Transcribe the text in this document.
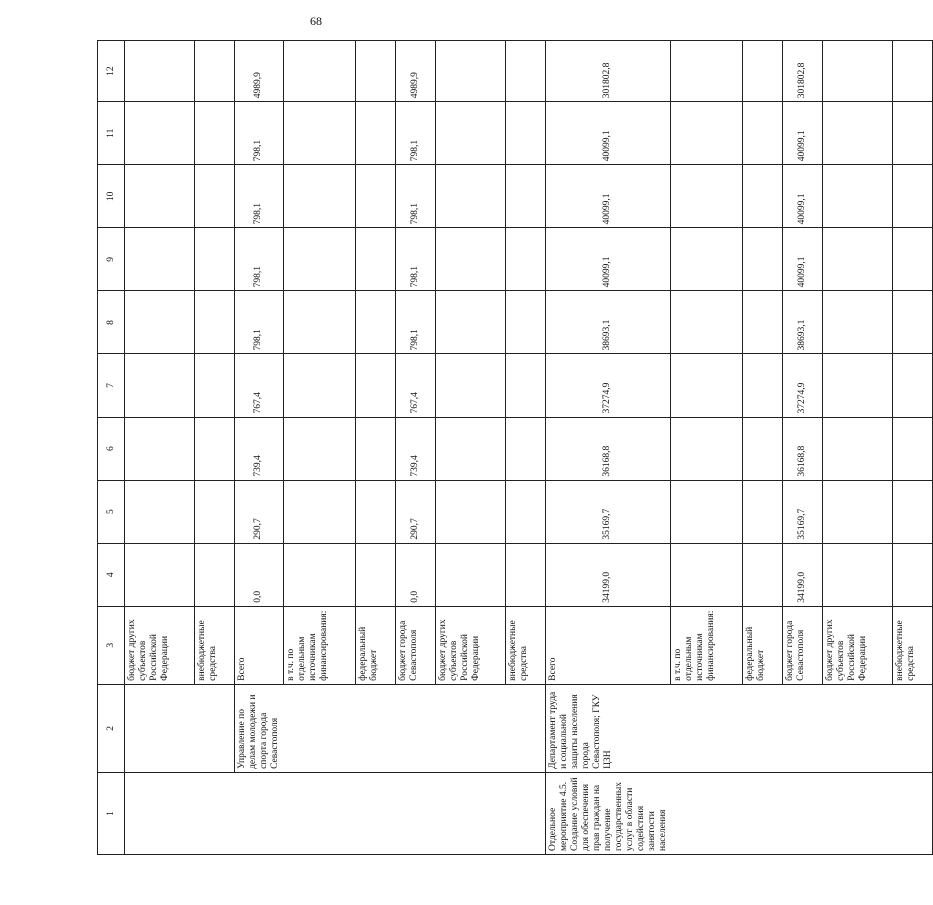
68
1	2	3	4	5	6	7	8	9	10	11	12
		бюджет других субъектов Российской Федерации									
		внебюджетные средства									
	Управление по делам молодежи и спорта города Севастополя	Всего	0,0	290,7	739,4	767,4	798,1	798,1	798,1	798,1	4989,9
		в т.ч. по отдельным источникам финансирования:									
		федеральный бюджет									
		бюджет города Севастополя	0,0	290,7	739,4	767,4	798,1	798,1	798,1	798,1	4989,9
		бюджет других субъектов Российской Федерации									
		внебюджетные средства									
Отдельное мероприятие 4.5. Создание условий для обеспечения прав граждан на получение государственных услуг в области содействия занятости населения	Департамент труда и социальной защиты населения города Севастополя; ГКУ ЦЗН	Всего	34199,0	35169,7	36168,8	37274,9	38693,1	40099,1	40099,1	40099,1	301802,8
		в т.ч. по отдельным источникам финансирования:									
		федеральный бюджет									
		бюджет города Севастополя	34199,0	35169,7	36168,8	37274,9	38693,1	40099,1	40099,1	40099,1	301802,8
		бюджет других субъектов Российской Федерации									
		внебюджетные средства									
